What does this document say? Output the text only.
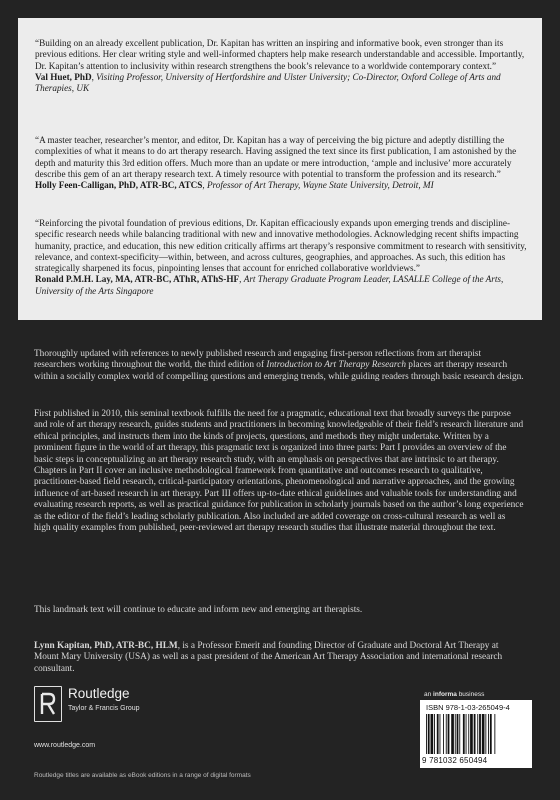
“Building on an already excellent publication, Dr. Kapitan has written an inspiring and informative book, even stronger than its previous editions. Her clear writing style and well-informed chapters help make research understandable and accessible. Importantly, Dr. Kapitan’s attention to inclusivity within research strengthens the book’s relevance to a worldwide contemporary context.”

Val Huet, PhD, Visiting Professor, University of Hertfordshire and Ulster University; Co-Director, Oxford College of Arts and Therapies, UK

“A master teacher, researcher’s mentor, and editor, Dr. Kapitan has a way of perceiving the big picture and adeptly distilling the complexities of what it means to do art therapy research. Having assigned the text since its first publication, I am astonished by the depth and maturity this 3rd edition offers. Much more than an update or mere introduction, ‘ample and inclusive’ more accurately describe this gem of an art therapy research text. A timely resource with potential to transform the profession and its research.”

Holly Feen-Calligan, PhD, ATR-BC, ATCS, Professor of Art Therapy, Wayne State University, Detroit, MI

“Reinforcing the pivotal foundation of previous editions, Dr. Kapitan efficaciously expands upon emerging trends and discipline-specific research needs while balancing traditional with new and innovative methodologies. Acknowledging recent shifts impacting humanity, practice, and education, this new edition critically affirms art therapy’s responsive commitment to research with sensitivity, relevance, and context-specificity—within, between, and across cultures, geographies, and approaches. As such, this edition has strategically sharpened its focus, pinpointing lenses that account for enriched collaborative worldviews.”

Ronald P.M.H. Lay, MA, ATR-BC, AThR, AThS-HF, Art Therapy Graduate Program Leader, LASALLE College of the Arts, University of the Arts Singapore

Thoroughly updated with references to newly published research and engaging first-person reflections from art therapist researchers working throughout the world, the third edition of Introduction to Art Therapy Research places art therapy research within a socially complex world of compelling questions and emerging trends, while guiding readers through basic research design.

First published in 2010, this seminal textbook fulfills the need for a pragmatic, educational text that broadly surveys the purpose and role of art therapy research, guides students and practitioners in becoming knowledgeable of their field’s research literature and ethical principles, and instructs them into the kinds of projects, questions, and methods they might undertake. Written by a prominent figure in the world of art therapy, this pragmatic text is organized into three parts: Part I provides an overview of the basic steps in conceptualizing an art therapy research study, with an emphasis on perspectives that are intrinsic to art therapy. Chapters in Part II cover an inclusive methodological framework from quantitative and outcomes research to qualitative, practitioner-based field research, critical-participatory orientations, phenomenological and narrative approaches, and the growing influence of art-based research in art therapy. Part III offers up-to-date ethical guidelines and valuable tools for understanding and evaluating research reports, as well as practical guidance for publication in scholarly journals based on the author’s long experience as the editor of the field’s leading scholarly publication. Also included are added coverage on cross-cultural research as well as high quality examples from published, peer-reviewed art therapy research studies that illustrate material throughout the text.

This landmark text will continue to educate and inform new and emerging art therapists.

Lynn Kapitan, PhD, ATR-BC, HLM, is a Professor Emerit and founding Director of Graduate and Doctoral Art Therapy at Mount Mary University (USA) as well as a past president of the American Art Therapy Association and international research consultant.

Routledge
Taylor & Francis Group
www.routledge.com
an informa business
ISBN 978-1-03-265049-4
9 781032 650494
Routledge titles are available as eBook editions in a range of digital formats
